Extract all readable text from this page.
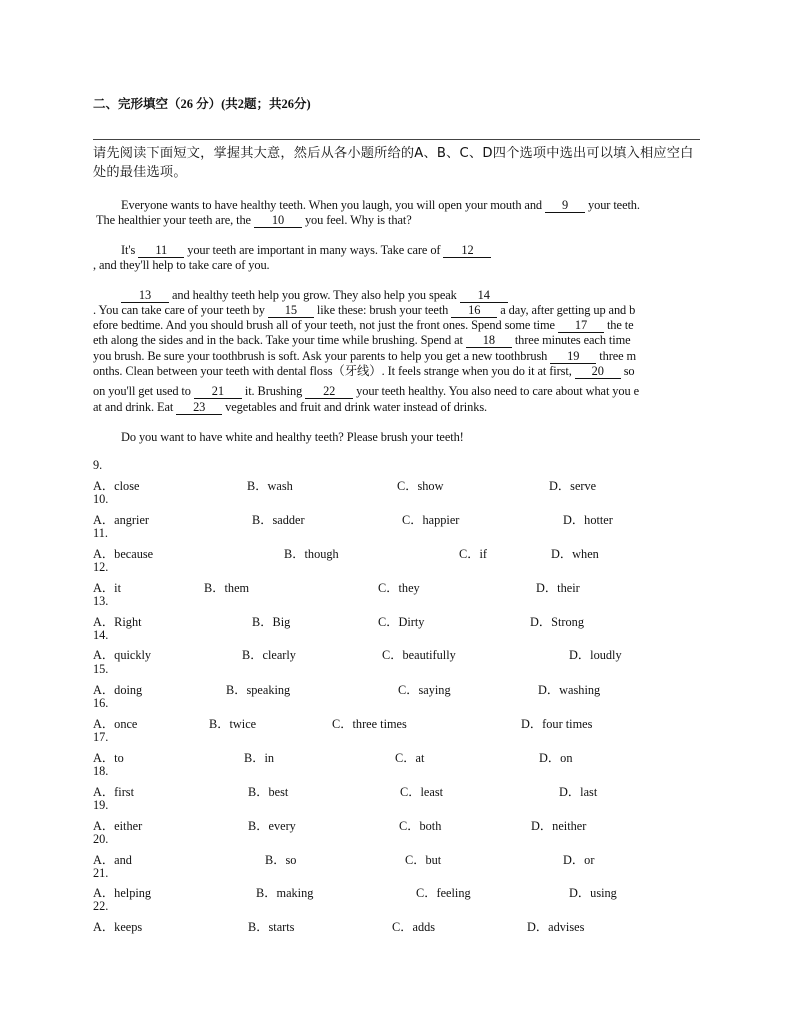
二、完形填空（26 分）(共2题；共26分)
请先阅读下面短文，掌握其大意，然后从各小题所给的A、B、C、D四个选项中选出可以填入相应空白处的最佳选项。
Everyone wants to have healthy teeth. When you laugh, you will open your mouth and 9 your teeth.
The healthier your teeth are, the 10 you feel. Why is that?
It's 11 your teeth are important in many ways. Take care of 12
, and they'll help to take care of you.
13 and healthy teeth help you grow. They also help you speak 14
. You can take care of your teeth by 15 like these: brush your teeth 16 a day, after getting up and b
efore bedtime. And you should brush all of your teeth, not just the front ones. Spend some time 17 the te
eth along the sides and in the back. Take your time while brushing. Spend at 18 three minutes each time
you brush. Be sure your toothbrush is soft. Ask your parents to help you get a new toothbrush 19 three m
onths. Clean between your teeth with dental floss（牙线）. It feels strange when you do it at first, 20 so
on you'll get used to 21 it. Brushing 22 your teeth healthy. You also need to care about what you e
at and drink. Eat 23 vegetables and fruit and drink water instead of drinks.
Do you want to have white and healthy teeth? Please brush your teeth!
9.
A．close	B．wash	C．show	D．serve
10.
A．angrier	B．sadder	C．happier	D．hotter
11.
A．because	B．though	C．if	D．when
12.
A．it	B．them	C．they	D．their
13.
A．Right	B．Big	C．Dirty	D．Strong
14.
A．quickly	B．clearly	C．beautifully	D．loudly
15.
A．doing	B．speaking	C．saying	D．washing
16.
A．once	B．twice	C．three times	D．four times
17.
A．to	B．in	C．at	D．on
18.
A．first	B．best	C．least	D．last
19.
A．either	B．every	C．both	D．neither
20.
A．and	B．so	C．but	D．or
21.
A．helping	B．making	C．feeling	D．using
22.
A．keeps	B．starts	C．adds	D．advises
